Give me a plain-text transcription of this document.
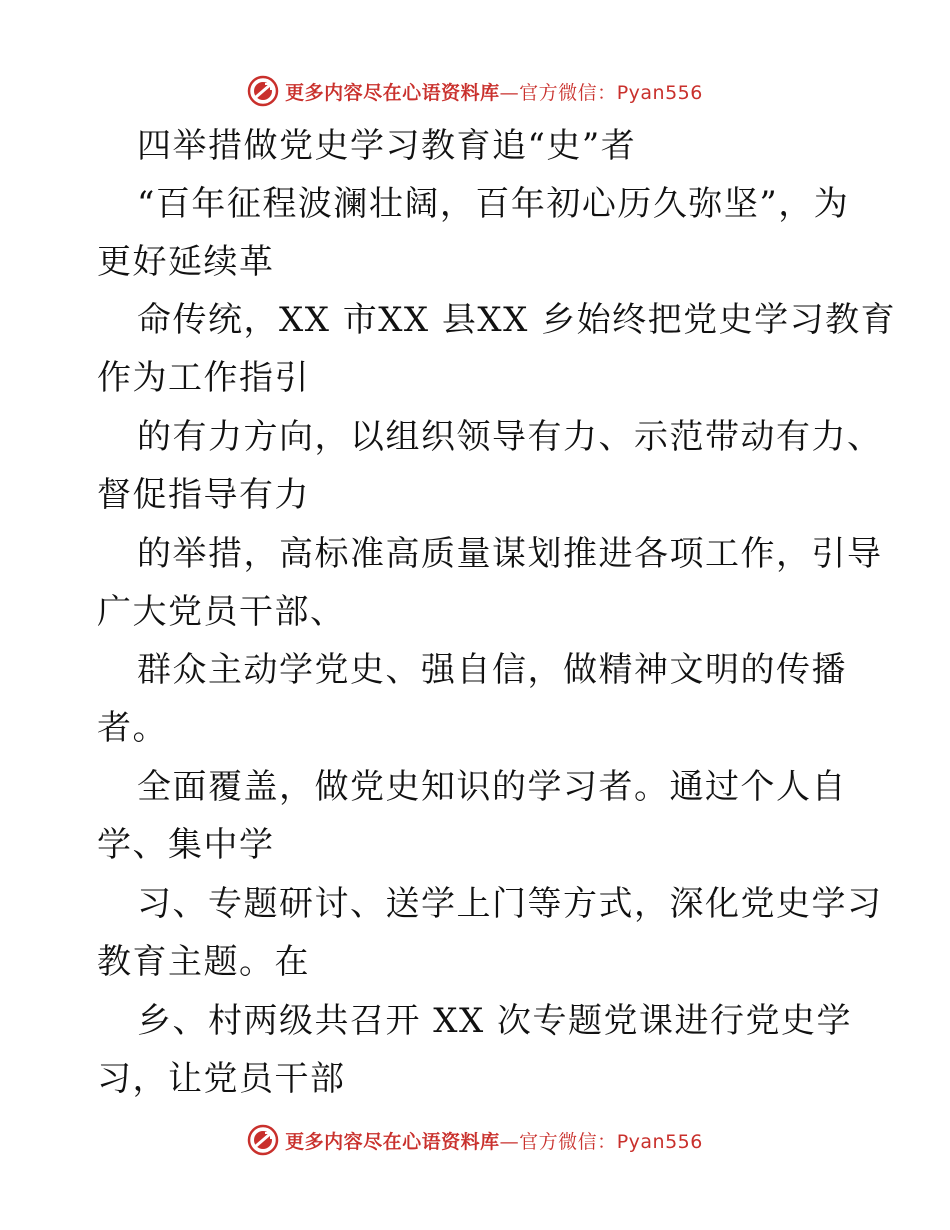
更多内容尽在心语资料库—官方微信：Pyan556
四举措做党史学习教育追“史”者
“百年征程波澜壮阔，百年初心历久弥坚”，为
更好延续革
命传统，XX 市XX 县XX 乡始终把党史学习教育
作为工作指引
的有力方向，以组织领导有力、示范带动有力、
督促指导有力
的举措，高标准高质量谋划推进各项工作，引导
广大党员干部、
群众主动学党史、强自信，做精神文明的传播
者。
全面覆盖，做党史知识的学习者。通过个人自
学、集中学
习、专题研讨、送学上门等方式，深化党史学习
教育主题。在
乡、村两级共召开 XX 次专题党课进行党史学
习，让党员干部
更多内容尽在心语资料库—官方微信：Pyan556
